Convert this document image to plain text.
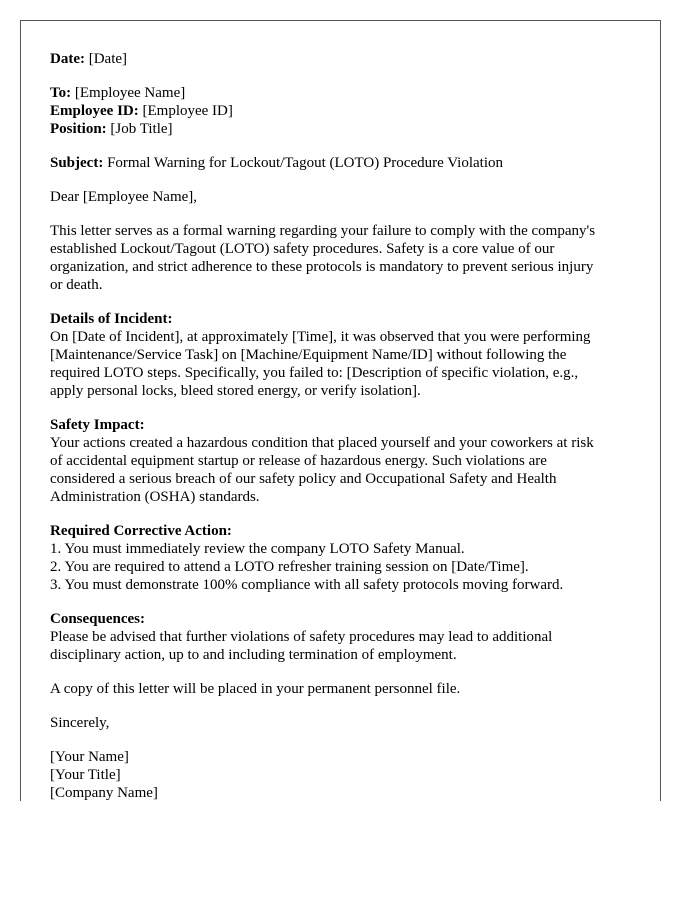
Date: [Date]
To: [Employee Name]
Employee ID: [Employee ID]
Position: [Job Title]
Subject: Formal Warning for Lockout/Tagout (LOTO) Procedure Violation
Dear [Employee Name],
This letter serves as a formal warning regarding your failure to comply with the company's
established Lockout/Tagout (LOTO) safety procedures. Safety is a core value of our
organization, and strict adherence to these protocols is mandatory to prevent serious injury
or death.
Details of Incident:
On [Date of Incident], at approximately [Time], it was observed that you were performing
[Maintenance/Service Task] on [Machine/Equipment Name/ID] without following the
required LOTO steps. Specifically, you failed to: [Description of specific violation, e.g.,
apply personal locks, bleed stored energy, or verify isolation].
Safety Impact:
Your actions created a hazardous condition that placed yourself and your coworkers at risk
of accidental equipment startup or release of hazardous energy. Such violations are
considered a serious breach of our safety policy and Occupational Safety and Health
Administration (OSHA) standards.
Required Corrective Action:
1. You must immediately review the company LOTO Safety Manual.
2. You are required to attend a LOTO refresher training session on [Date/Time].
3. You must demonstrate 100% compliance with all safety protocols moving forward.
Consequences:
Please be advised that further violations of safety procedures may lead to additional
disciplinary action, up to and including termination of employment.
A copy of this letter will be placed in your permanent personnel file.
Sincerely,
[Your Name]
[Your Title]
[Company Name]
